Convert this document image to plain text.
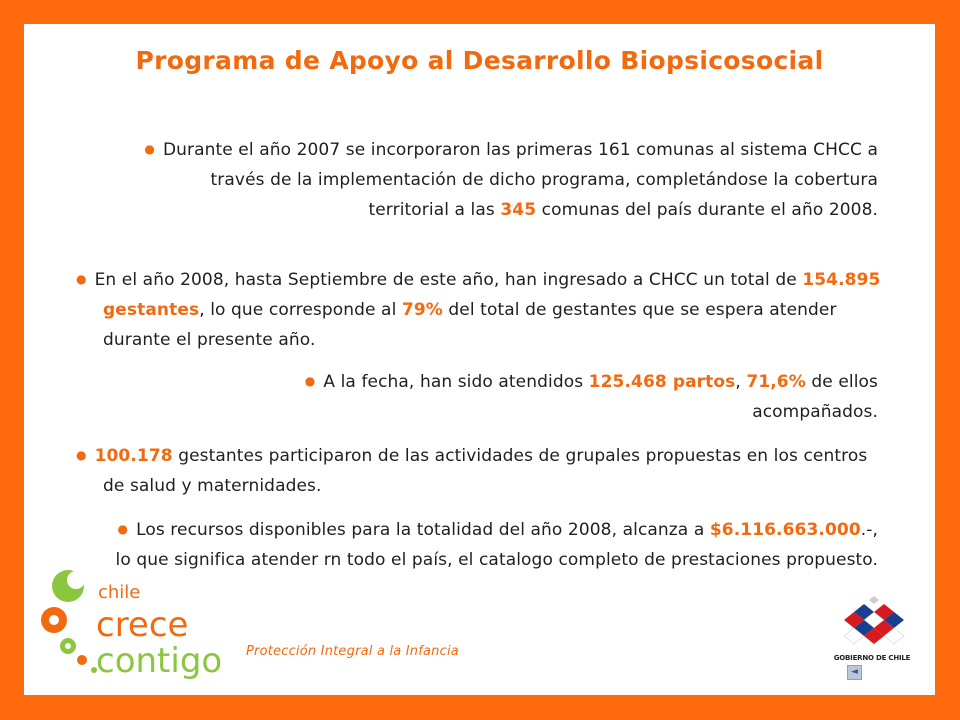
Programa de Apoyo al Desarrollo Biopsicosocial
● Durante el año 2007 se incorporaron las primeras 161 comunas al sistema CHCC a través de la implementación de dicho programa, completándose la cobertura territorial a las 345 comunas del país durante el año 2008.
● En el año 2008, hasta Septiembre de este año, han ingresado a CHCC un total de 154.895 gestantes, lo que corresponde al 79% del total de gestantes que se espera atender durante el presente año.
● A la fecha, han sido atendidos 125.468 partos, 71,6% de ellos acompañados.
● 100.178 gestantes participaron de las actividades de grupales propuestas en los centros de salud y maternidades.
● Los recursos disponibles para la totalidad del año 2008, alcanza a $6.116.663.000.-, lo que significa atender rn todo el país, el catalogo completo de prestaciones propuesto.
chile
crece
contigo Protección Integral a la Infancia	GOBIERNO DE CHILE
◄
